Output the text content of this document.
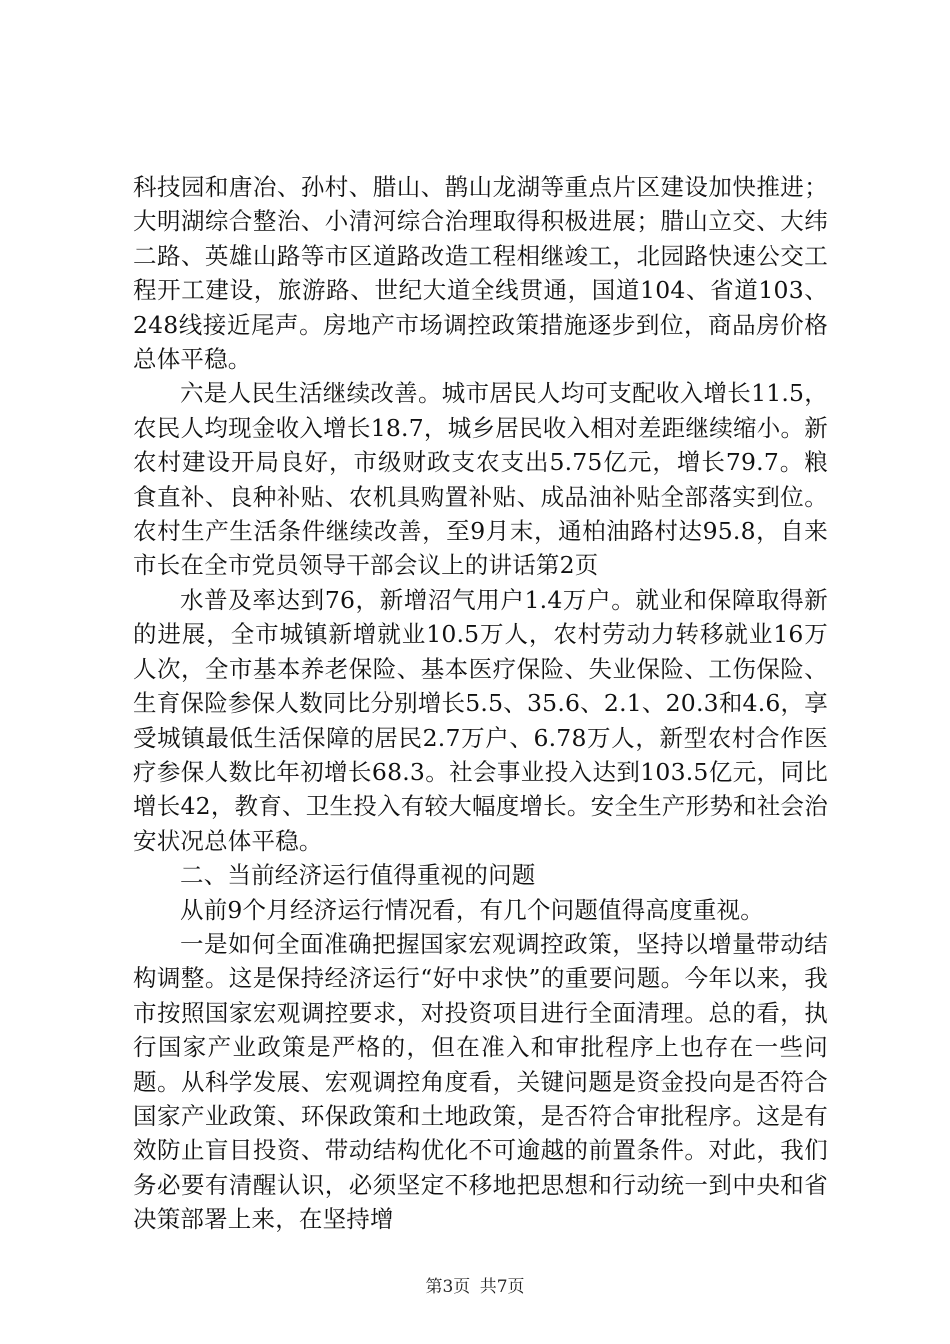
科技园和唐冶、孙村、腊山、鹊山龙湖等重点片区建设加快推进；大明湖综合整治、小清河综合治理取得积极进展；腊山立交、大纬二路、英雄山路等市区道路改造工程相继竣工，北园路快速公交工程开工建设，旅游路、世纪大道全线贯通，国道104、省道103、248线接近尾声。房地产市场调控政策措施逐步到位，商品房价格总体平稳。

六是人民生活继续改善。城市居民人均可支配收入增长11.5，农民人均现金收入增长18.7，城乡居民收入相对差距继续缩小。新农村建设开局良好，市级财政支农支出5.75亿元，增长79.7。粮食直补、良种补贴、农机具购置补贴、成品油补贴全部落实到位。农村生产生活条件继续改善，至9月末，通柏油路村达95.8，自来市长在全市党员领导干部会议上的讲话第2页

水普及率达到76，新增沼气用户1.4万户。就业和保障取得新的进展，全市城镇新增就业10.5万人，农村劳动力转移就业16万人次，全市基本养老保险、基本医疗保险、失业保险、工伤保险、生育保险参保人数同比分别增长5.5、35.6、2.1、20.3和4.6，享受城镇最低生活保障的居民2.7万户、6.78万人，新型农村合作医疗参保人数比年初增长68.3。社会事业投入达到103.5亿元，同比增长42，教育、卫生投入有较大幅度增长。安全生产形势和社会治安状况总体平稳。

二、当前经济运行值得重视的问题

从前9个月经济运行情况看，有几个问题值得高度重视。

一是如何全面准确把握国家宏观调控政策，坚持以增量带动结构调整。这是保持经济运行“好中求快”的重要问题。今年以来，我市按照国家宏观调控要求，对投资项目进行全面清理。总的看，执行国家产业政策是严格的，但在准入和审批程序上也存在一些问题。从科学发展、宏观调控角度看，关键问题是资金投向是否符合国家产业政策、环保政策和土地政策，是否符合审批程序。这是有效防止盲目投资、带动结构优化不可逾越的前置条件。对此，我们务必要有清醒认识，必须坚定不移地把思想和行动统一到中央和省决策部署上来，在坚持增

第3页 共7页
